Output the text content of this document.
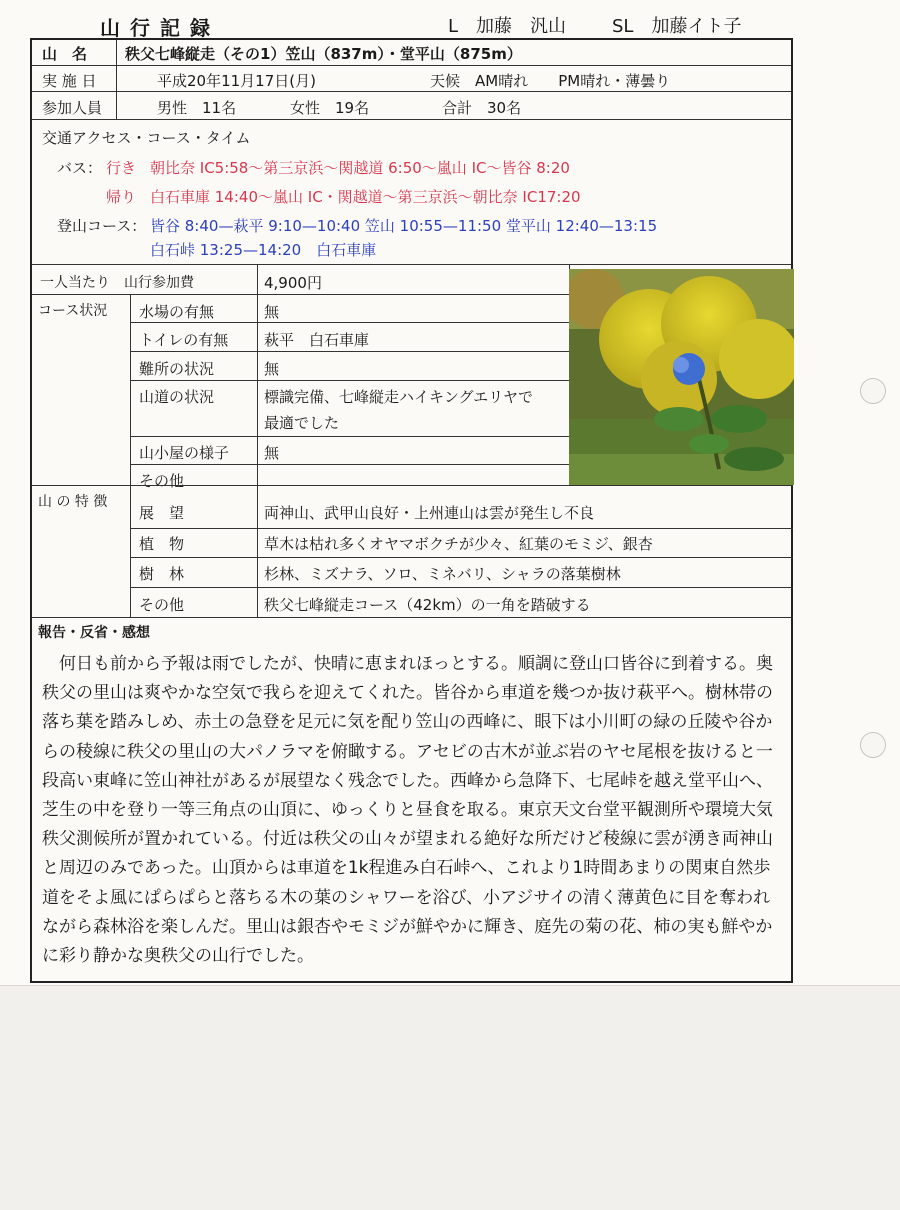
山行記録	L　加藤　汎山	SL　加藤イト子
山　名	秩父七峰縦走（その1）笠山（837m）・堂平山（875m）
実 施 日	平成20年11月17日(月)	天候　AM晴れ　　PM晴れ・薄曇り
参加人員	男性　11名	女性　19名	合計　30名
交通アクセス・コース・タイム
バス： 行き 朝比奈 IC5:58～第三京浜～関越道 6:50～嵐山 IC～皆谷 8:20
帰り 白石車庫 14:40～嵐山 IC・関越道～第三京浜～朝比奈 IC17:20
登山コース： 皆谷 8:40—萩平 9:10—10:40 笠山 10:55—11:50 堂平山 12:40—13:15
白石峠 13:25—14:20　白石車庫
一人当たり　山行参加費	4,900円
コース状況 水場の有無	無
トイレの有無 萩平　白石車庫
難所の状況	無
山道の状況	標識完備、七峰縦走ハイキングエリヤで
最適でした
山小屋の様子 無
その他
山 の 特 徴
展　望	両神山、武甲山良好・上州連山は雲が発生し不良
植　物	草木は枯れ多くオヤマボクチが少々、紅葉のモミジ、銀杏
樹　林	杉林、ミズナラ、ソロ、ミネバリ、シャラの落葉樹林
その他	秩父七峰縦走コース（42km）の一角を踏破する
報告・反省・感想
何日も前から予報は雨でしたが、快晴に恵まれほっとする。順調に登山口皆谷に到着する。奥秩父の里山は爽やかな空気で我らを迎えてくれた。皆谷から車道を幾つか抜け萩平へ。樹林帯の落ち葉を踏みしめ、赤土の急登を足元に気を配り笠山の西峰に、眼下は小川町の緑の丘陵や谷からの稜線に秩父の里山の大パノラマを俯瞰する。アセビの古木が並ぶ岩のヤセ尾根を抜けると一段高い東峰に笠山神社があるが展望なく残念でした。西峰から急降下、七尾峠を越え堂平山へ、芝生の中を登り一等三角点の山頂に、ゆっくりと昼食を取る。東京天文台堂平観測所や環境大気秩父測候所が置かれている。付近は秩父の山々が望まれる絶好な所だけど稜線に雲が湧き両神山と周辺のみであった。山頂からは車道を1k程進み白石峠へ、これより1時間あまりの関東自然歩道をそよ風にぱらぱらと落ちる木の葉のシャワーを浴び、小アジサイの清く薄黄色に目を奪われながら森林浴を楽しんだ。里山は銀杏やモミジが鮮やかに輝き、庭先の菊の花、柿の実も鮮やかに彩り静かな奥秩父の山行でした。
